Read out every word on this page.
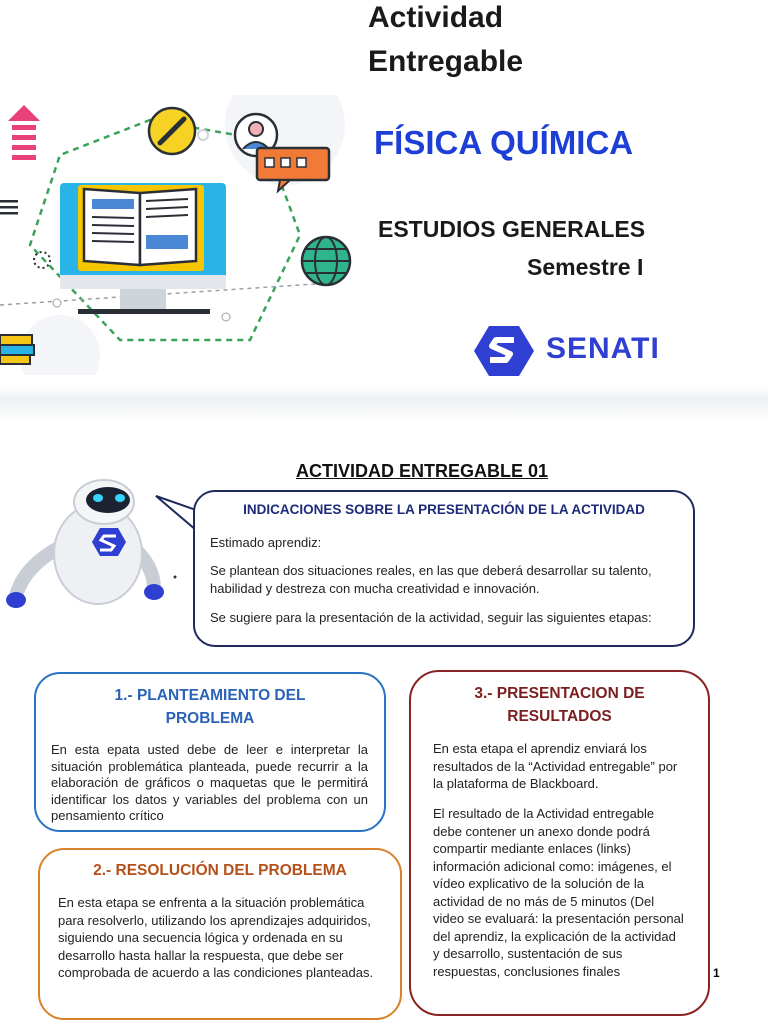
Actividad
Entregable
FÍSICA QUÍMICA
ESTUDIOS GENERALES
Semestre I
SENATI
ACTIVIDAD ENTREGABLE 01
INDICACIONES SOBRE LA PRESENTACIÓN DE LA ACTIVIDAD
Estimado aprendiz:
Se plantean dos situaciones reales, en las que deberá desarrollar su talento, habilidad y destreza con mucha creatividad e innovación.
Se sugiere para la presentación de la actividad, seguir las siguientes etapas:
1.- PLANTEAMIENTO DEL PROBLEMA
En esta epata usted debe de leer e interpretar la situación problemática planteada, puede recurrir a la elaboración de gráficos o maquetas que le permitirá identificar los datos y variables del problema con un pensamiento crítico
2.- RESOLUCIÓN DEL PROBLEMA
En esta etapa se enfrenta a la situación problemática para resolverlo, utilizando los aprendizajes adquiridos, siguiendo una secuencia lógica y ordenada en su desarrollo hasta hallar la respuesta, que debe ser comprobada de acuerdo a las condiciones planteadas.
3.- PRESENTACION DE RESULTADOS
En esta etapa el aprendiz enviará los resultados de la “Actividad entregable” por la plataforma de Blackboard.
El resultado de la Actividad entregable debe contener un anexo donde podrá compartir mediante enlaces (links) información adicional como: imágenes, el vídeo explicativo de la solución de la actividad de no más de 5 minutos (Del video se evaluará: la presentación personal del aprendiz, la explicación de la actividad y desarrollo, sustentación de sus respuestas, conclusiones finales	1
